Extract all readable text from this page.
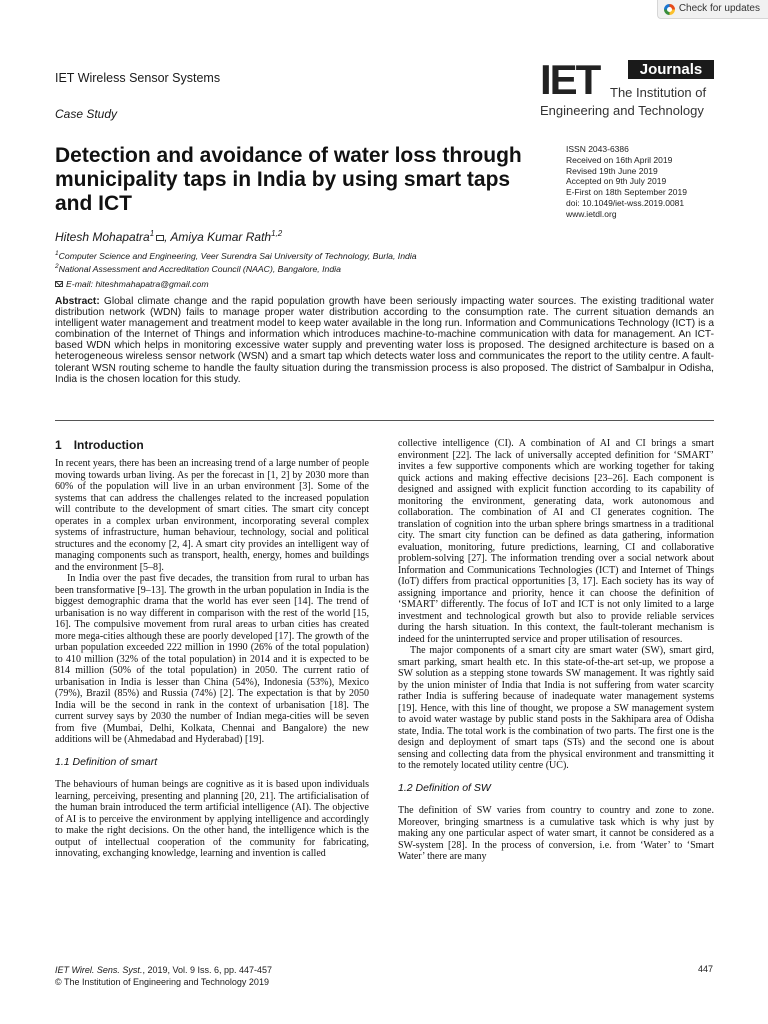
Check for updates
IET Wireless Sensor Systems
Case Study
IET	Journals
The Institution of
Engineering and Technology
Detection and avoidance of water loss through municipality taps in India by using smart taps and ICT
ISSN 2043-6386
Received on 16th April 2019
Revised 19th June 2019
Accepted on 9th July 2019
E-First on 18th September 2019
doi: 10.1049/iet-wss.2019.0081
www.ietdl.org
Hitesh Mohapatra$^1$ , Amiya Kumar Rath$^{1,2}$
$^1$Computer Science and Engineering, Veer Surendra Sai University of Technology, Burla, India
$^2$National Assessment and Accreditation Council (NAAC), Bangalore, India
E-mail: hiteshmahapatra@gmail.com
Abstract: Global climate change and the rapid population growth have been seriously impacting water sources. The existing traditional water distribution network (WDN) fails to manage proper water distribution according to the consumption rate. The current situation demands an intelligent water management and treatment model to keep water available in the long run. Information and Communications Technology (ICT) is a combination of the Internet of Things and information which introduces machine-to-machine communication with data for management. An ICT-based WDN which helps in monitoring excessive water supply and preventing water loss is proposed. The designed architecture is based on a heterogeneous wireless sensor network (WSN) and a smart tap which detects water loss and communicates the report to the utility centre. A fault-tolerant WSN routing scheme to handle the faulty situation during the transmission process is also proposed. The district of Sambalpur in Odisha, India is the chosen location for this study.
1 Introduction

In recent years, there has been an increasing trend of a large number of people moving towards urban living. As per the forecast in [1, 2] by 2030 more than 60% of the population will live in an urban environment [3]. Some of the systems that can address the challenges related to the increased population will contribute to the development of smart cities. The smart city concept operates in a complex urban environment, incorporating several complex systems of infrastructure, human behaviour, technology, social and political structures and the economy [2, 4]. A smart city provides an intelligent way of managing components such as transport, health, energy, homes and buildings and the environment [5–8].

In India over the past five decades, the transition from rural to urban has been transformative [9–13]. The growth in the urban population in India is the biggest demographic drama that the world has ever seen [14]. The trend of urbanisation is no way different in comparison with the rest of the world [15, 16]. The compulsive movement from rural areas to urban cities has created more mega-cities although these are poorly developed [17]. The growth of the urban population exceeded 222 million in 1990 (26% of the total population) to 410 million (32% of the total population) in 2014 and it is expected to be 814 million (50% of the total population) in 2050. The current ratio of urbanisation in India is lesser than China (54%), Indonesia (53%), Mexico (79%), Brazil (85%) and Russia (74%) [2]. The expectation is that by 2050 India will be the second in rank in the context of urbanisation [18]. The current survey says by 2030 the number of Indian mega-cities will be seven from five (Mumbai, Delhi, Kolkata, Chennai and Bangalore) the new additions will be (Ahmedabad and Hyderabad) [19].

1.1 Definition of smart

The behaviours of human beings are cognitive as it is based upon individuals learning, perceiving, presenting and planning [20, 21]. The artificialisation of the human brain introduced the term artificial intelligence (AI). The objective of AI is to perceive the environment by applying intelligence and accordingly to make the right decisions. On the other hand, the intelligence which is the output of intellectual cooperation of the community for fabricating, innovating, exchanging knowledge, learning and invention is called

collective intelligence (CI). A combination of AI and CI brings a smart environment [22]. The lack of universally accepted definition for ‘SMART’ invites a few supportive components which are working together for taking quick actions and making effective decisions [23–26]. Each component is designed and assigned with explicit function according to its capability of monitoring the environment, generating data, work autonomous and collaboration. The combination of AI and CI generates cognition. The translation of cognition into the urban sphere brings smartness in a traditional city. The smart city function can be defined as data gathering, information evaluation, monitoring, future predictions, learning, CI and collaborative problem-solving [27]. The information trending over a social network about Information and Communications Technologies (ICT) and Internet of Things (IoT) differs from practical opportunities [3, 17]. Each society has its way of assigning importance and priority, hence it can choose the definition of ‘SMART’ differently. The focus of IoT and ICT is not only limited to a large investment and technological growth but also to provide reliable services during the harsh situation. In this context, the fault-tolerant mechanism is indeed for the uninterrupted service and proper utilisation of resources.

The major components of a smart city are smart water (SW), smart gird, smart parking, smart health etc. In this state-of-the-art set-up, we propose a SW solution as a stepping stone towards SW management. It was rightly said by the union minister of India that India is not suffering from water scarcity rather India is suffering because of inadequate water management systems [19]. Hence, with this line of thought, we propose a SW management system to avoid water wastage by public stand posts in the Sakhipara area of Odisha state, India. The total work is the combination of two parts. The first one is the design and deployment of smart taps (STs) and the second one is about sensing and collecting data from the physical environment and transmitting it to the remotely located utility centre (UC).

1.2 Definition of SW

The definition of SW varies from country to country and zone to zone. Moreover, bringing smartness is a cumulative task which is why just by making any one particular aspect of water smart, it cannot be considered as a SW-system [28]. In the process of conversion, i.e. from ‘Water’ to ‘Smart Water’ there are many

IET Wirel. Sens. Syst., 2019, Vol. 9 Iss. 6, pp. 447-457
© The Institution of Engineering and Technology 2019
447
